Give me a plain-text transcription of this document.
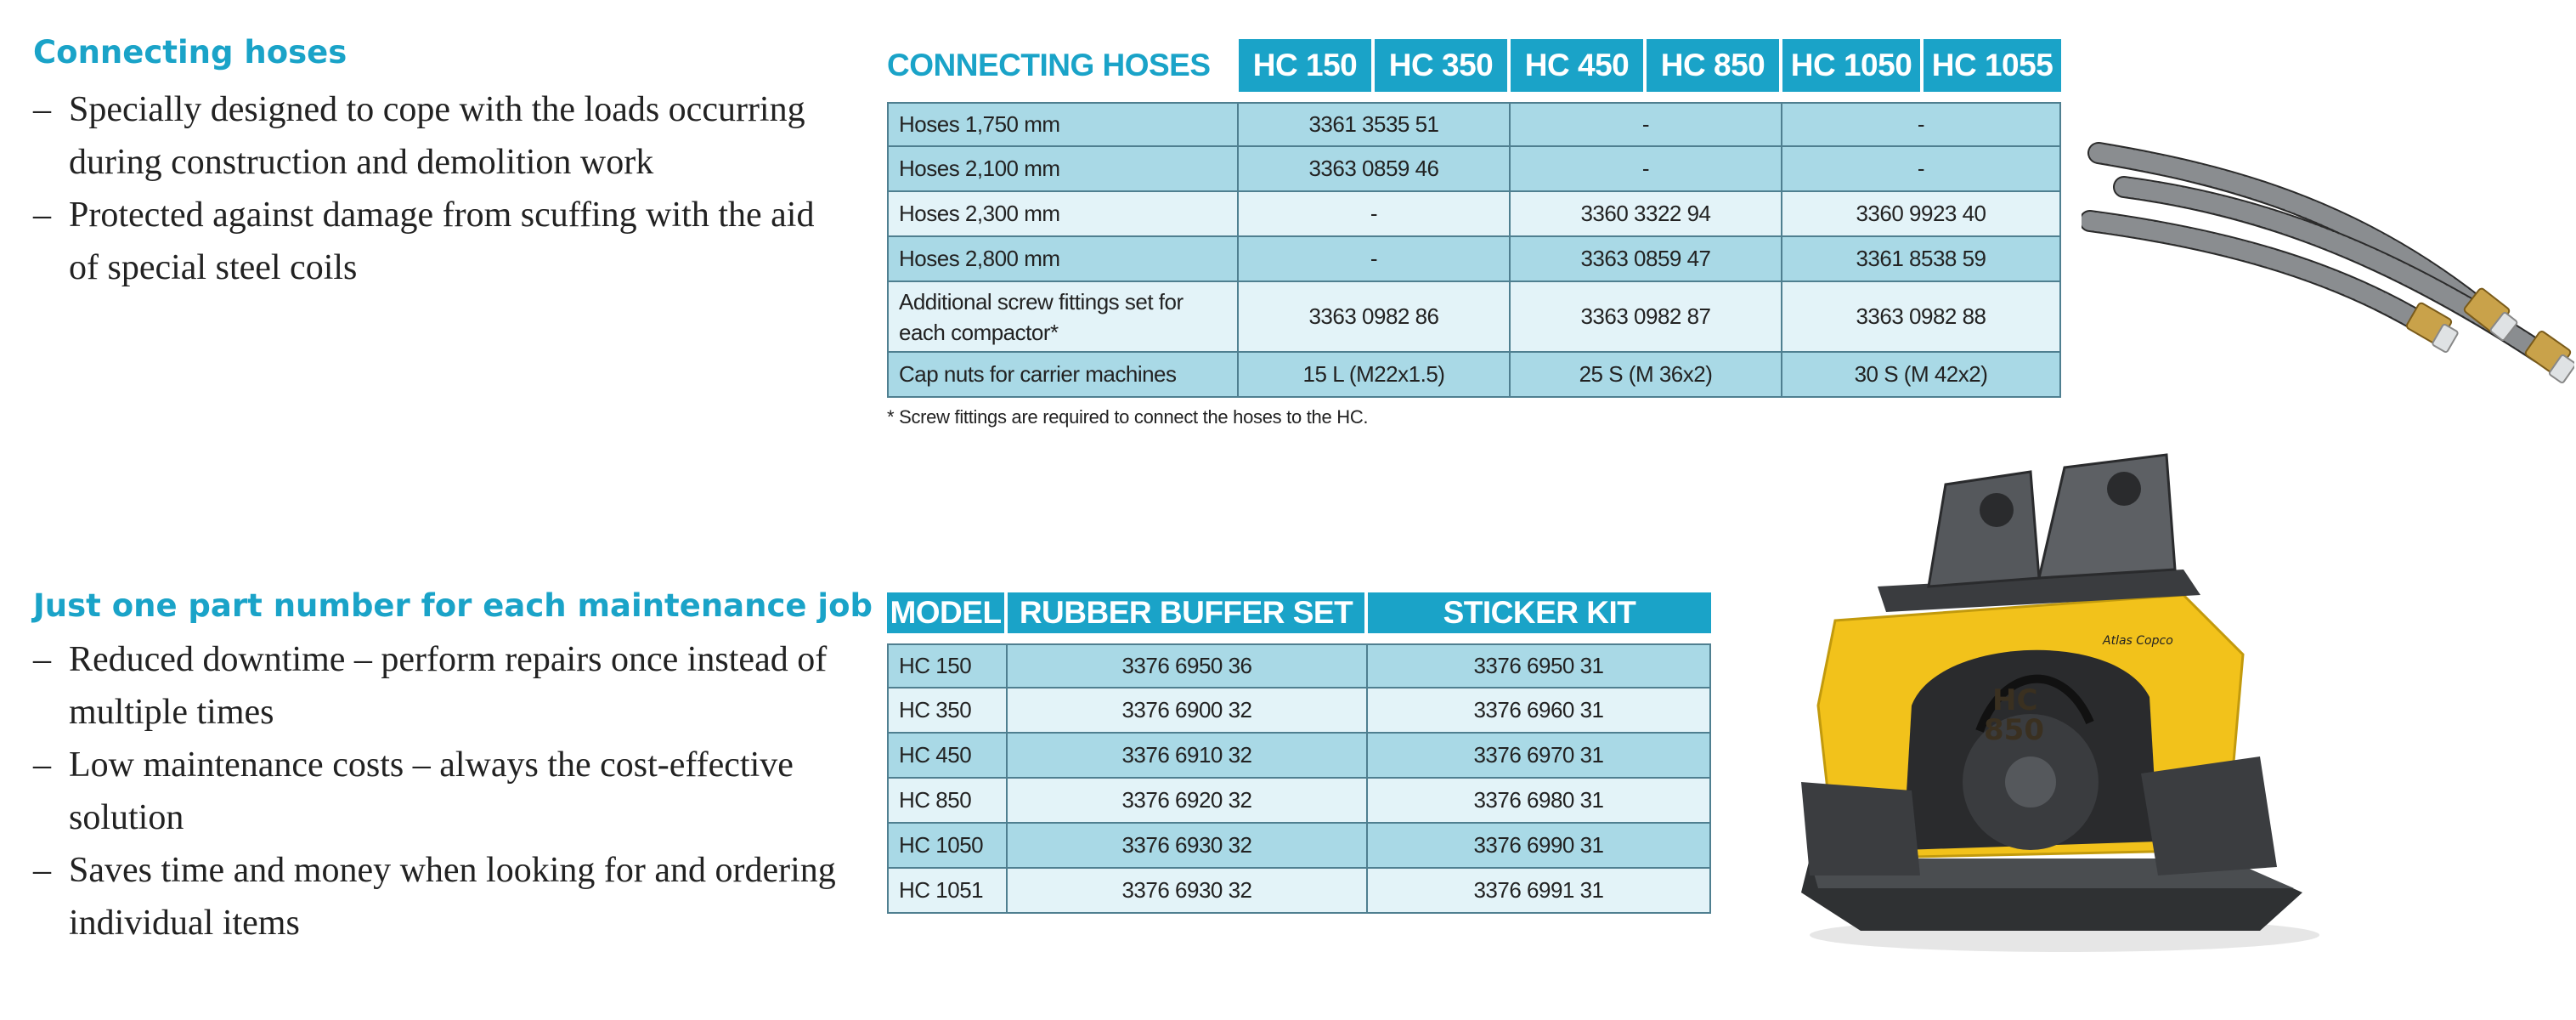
Connecting hoses
– Specially designed to cope with the loads occurring during construction and demolition work
– Protected against damage from scuffing with the aid of special steel coils
Just one part number for each maintenance job
– Reduced downtime – perform repairs once instead of multiple times
– Low maintenance costs – always the cost-effective solution
– Saves time and money when looking for and ordering individual items
CONNECTING HOSES	HC 150	HC 350	HC 450	HC 850	HC 1050	HC 1055

Hoses 1,750 mm	3361 3535 51		-		-	
Hoses 2,100 mm	3363 0859 46		-		-	
Hoses 2,300 mm	-		3360 3322 94		3360 9923 40	
Hoses 2,800 mm	-		3363 0859 47		3361 8538 59	
Additional screw fittings set for each compactor*	3363 0982 86		3363 0982 87		3363 0982 88	
Cap nuts for carrier machines	15 L (M22x1.5)		25 S (M 36x2)		30 S (M 42x2)	

* Screw fittings are required to connect the hoses to the HC.

MODEL	RUBBER BUFFER SET	STICKER KIT

HC 150	3376 6950 36	3376 6950 31
HC 350	3376 6900 32	3376 6960 31
HC 450	3376 6910 32	3376 6970 31
HC 850	3376 6920 32	3376 6980 31
HC 1050	3376 6930 32	3376 6990 31
HC 1051	3376 6930 32	3376 6991 31
HC
850
Atlas Copco
